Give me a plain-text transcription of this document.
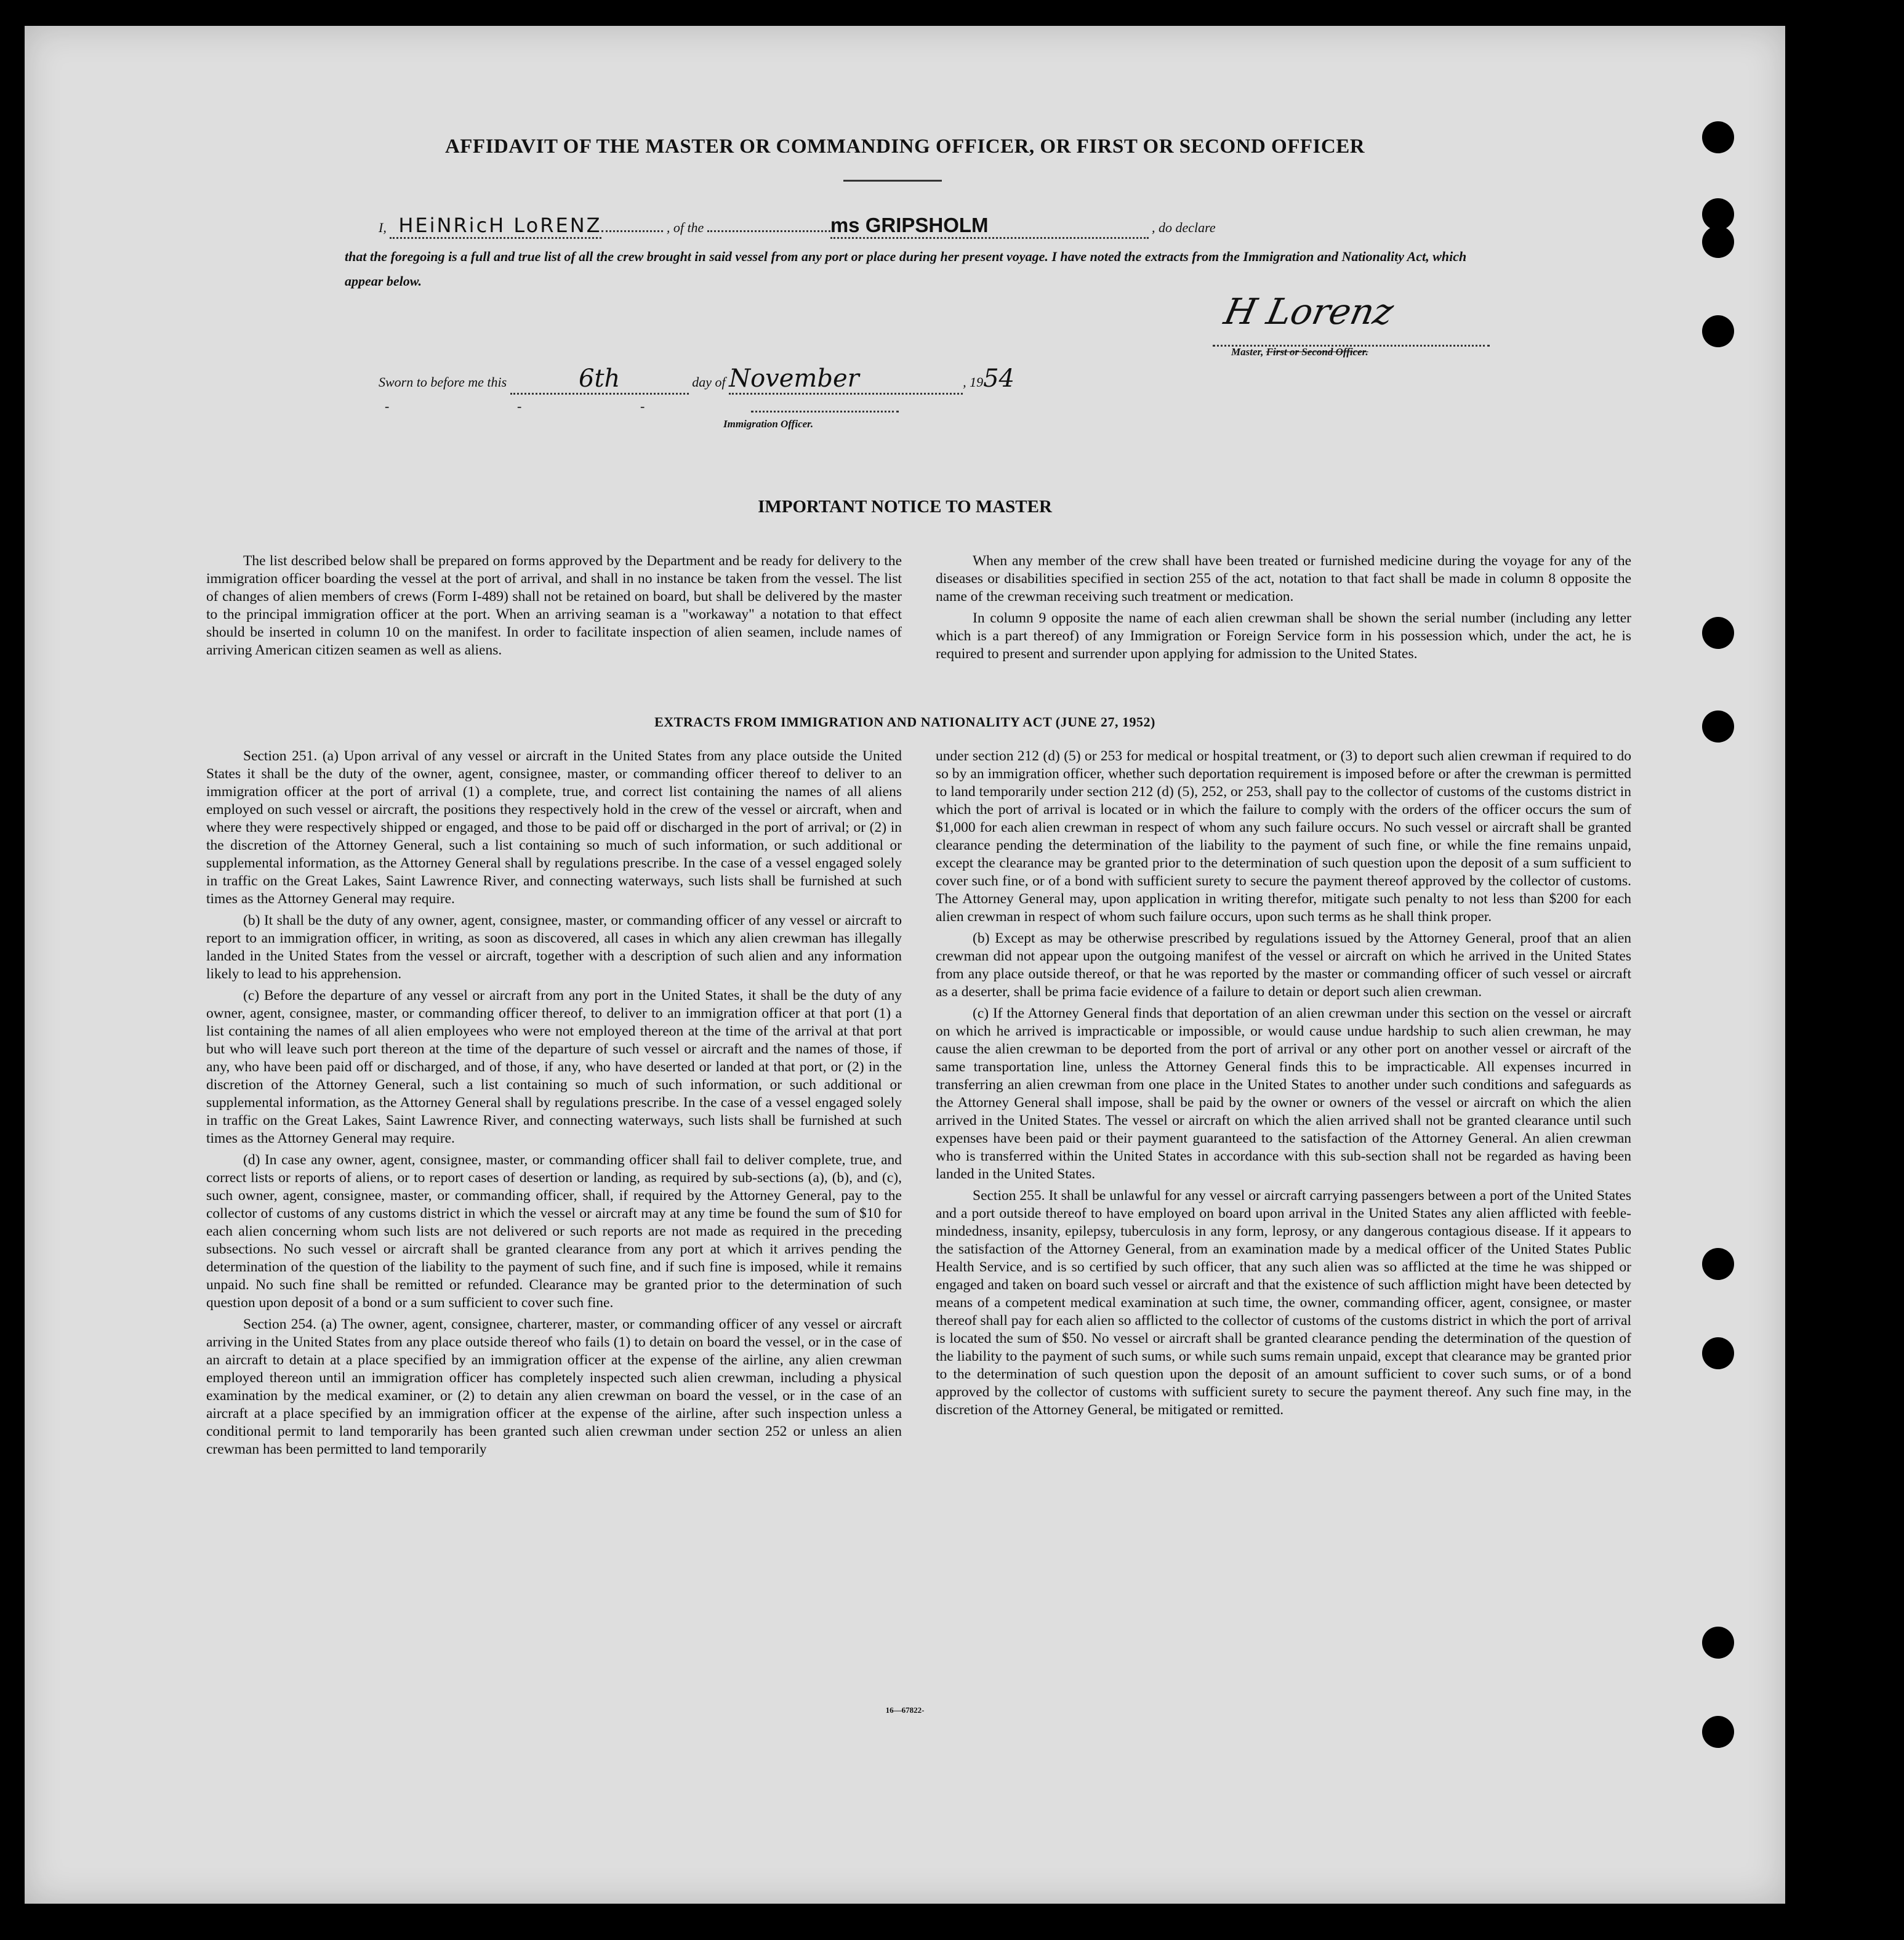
AFFIDAVIT OF THE MASTER OR COMMANDING OFFICER, OR FIRST OR SECOND OFFICER
I, HEiNRicH LoRENZ	, of the	ms GRIPSHOLM	, do declare
that the foregoing is a full and true list of all the crew brought in said vessel from any port or place during her present voyage. I have noted the extracts from the Immigration and Nationality Act, which appear below.
H Lorenz
Master, First or Second Officer.
Sworn to before me this	6th	day of November	, 1954
-	-	-
Immigration Officer.
IMPORTANT NOTICE TO MASTER

The list described below shall be prepared on forms approved by the Department and be ready for delivery to the immigration officer boarding the vessel at the port of arrival, and shall in no instance be taken from the vessel. The list of changes of alien members of crews (Form I-489) shall not be retained on board, but shall be delivered by the master to the principal immigration officer at the port. When an arriving seaman is a "workaway" a notation to that effect should be inserted in column 10 on the manifest. In order to facilitate inspection of alien seamen, include names of arriving American citizen seamen as well as aliens.

When any member of the crew shall have been treated or furnished medicine during the voyage for any of the diseases or disabilities specified in section 255 of the act, notation to that fact shall be made in column 8 opposite the name of the crewman receiving such treatment or medication.

In column 9 opposite the name of each alien crewman shall be shown the serial number (including any letter which is a part thereof) of any Immigration or Foreign Service form in his possession which, under the act, he is required to present and surrender upon applying for admission to the United States.

EXTRACTS FROM IMMIGRATION AND NATIONALITY ACT (JUNE 27, 1952)

Section 251. (a) Upon arrival of any vessel or aircraft in the United States from any place outside the United States it shall be the duty of the owner, agent, consignee, master, or commanding officer thereof to deliver to an immigration officer at the port of arrival (1) a complete, true, and correct list containing the names of all aliens employed on such vessel or aircraft, the positions they respectively hold in the crew of the vessel or aircraft, when and where they were respectively shipped or engaged, and those to be paid off or discharged in the port of arrival; or (2) in the discretion of the Attorney General, such a list containing so much of such information, or such additional or supplemental information, as the Attorney General shall by regulations prescribe. In the case of a vessel engaged solely in traffic on the Great Lakes, Saint Lawrence River, and connecting waterways, such lists shall be furnished at such times as the Attorney General may require.

(b) It shall be the duty of any owner, agent, consignee, master, or commanding officer of any vessel or aircraft to report to an immigration officer, in writing, as soon as discovered, all cases in which any alien crewman has illegally landed in the United States from the vessel or aircraft, together with a description of such alien and any information likely to lead to his apprehension.

(c) Before the departure of any vessel or aircraft from any port in the United States, it shall be the duty of any owner, agent, consignee, master, or commanding officer thereof, to deliver to an immigration officer at that port (1) a list containing the names of all alien employees who were not employed thereon at the time of the arrival at that port but who will leave such port thereon at the time of the departure of such vessel or aircraft and the names of those, if any, who have been paid off or discharged, and of those, if any, who have deserted or landed at that port, or (2) in the discretion of the Attorney General, such a list containing so much of such information, or such additional or supplemental information, as the Attorney General shall by regulations prescribe. In the case of a vessel engaged solely in traffic on the Great Lakes, Saint Lawrence River, and connecting waterways, such lists shall be furnished at such times as the Attorney General may require.

(d) In case any owner, agent, consignee, master, or commanding officer shall fail to deliver complete, true, and correct lists or reports of aliens, or to report cases of desertion or landing, as required by sub-sections (a), (b), and (c), such owner, agent, consignee, master, or commanding officer, shall, if required by the Attorney General, pay to the collector of customs of any customs district in which the vessel or aircraft may at any time be found the sum of $10 for each alien concerning whom such lists are not delivered or such reports are not made as required in the preceding subsections. No such vessel or aircraft shall be granted clearance from any port at which it arrives pending the determination of the question of the liability to the payment of such fine, and if such fine is imposed, while it remains unpaid. No such fine shall be remitted or refunded. Clearance may be granted prior to the determination of such question upon deposit of a bond or a sum sufficient to cover such fine.

Section 254. (a) The owner, agent, consignee, charterer, master, or commanding officer of any vessel or aircraft arriving in the United States from any place outside thereof who fails (1) to detain on board the vessel, or in the case of an aircraft to detain at a place specified by an immigration officer at the expense of the airline, any alien crewman employed thereon until an immigration officer has completely inspected such alien crewman, including a physical examination by the medical examiner, or (2) to detain any alien crewman on board the vessel, or in the case of an aircraft at a place specified by an immigration officer at the expense of the airline, after such inspection unless a conditional permit to land temporarily has been granted such alien crewman under section 252 or unless an alien crewman has been permitted to land temporarily

under section 212 (d) (5) or 253 for medical or hospital treatment, or (3) to deport such alien crewman if required to do so by an immigration officer, whether such deportation requirement is imposed before or after the crewman is permitted to land temporarily under section 212 (d) (5), 252, or 253, shall pay to the collector of customs of the customs district in which the port of arrival is located or in which the failure to comply with the orders of the officer occurs the sum of $1,000 for each alien crewman in respect of whom any such failure occurs. No such vessel or aircraft shall be granted clearance pending the determination of the liability to the payment of such fine, or while the fine remains unpaid, except the clearance may be granted prior to the determination of such question upon the deposit of a sum sufficient to cover such fine, or of a bond with sufficient surety to secure the payment thereof approved by the collector of customs. The Attorney General may, upon application in writing therefor, mitigate such penalty to not less than $200 for each alien crewman in respect of whom such failure occurs, upon such terms as he shall think proper.

(b) Except as may be otherwise prescribed by regulations issued by the Attorney General, proof that an alien crewman did not appear upon the outgoing manifest of the vessel or aircraft on which he arrived in the United States from any place outside thereof, or that he was reported by the master or commanding officer of such vessel or aircraft as a deserter, shall be prima facie evidence of a failure to detain or deport such alien crewman.

(c) If the Attorney General finds that deportation of an alien crewman under this section on the vessel or aircraft on which he arrived is impracticable or impossible, or would cause undue hardship to such alien crewman, he may cause the alien crewman to be deported from the port of arrival or any other port on another vessel or aircraft of the same transportation line, unless the Attorney General finds this to be impracticable. All expenses incurred in transferring an alien crewman from one place in the United States to another under such conditions and safeguards as the Attorney General shall impose, shall be paid by the owner or owners of the vessel or aircraft on which the alien arrived in the United States. The vessel or aircraft on which the alien arrived shall not be granted clearance until such expenses have been paid or their payment guaranteed to the satisfaction of the Attorney General. An alien crewman who is transferred within the United States in accordance with this sub-section shall not be regarded as having been landed in the United States.

Section 255. It shall be unlawful for any vessel or aircraft carrying passengers between a port of the United States and a port outside thereof to have employed on board upon arrival in the United States any alien afflicted with feeble-mindedness, insanity, epilepsy, tuberculosis in any form, leprosy, or any dangerous contagious disease. If it appears to the satisfaction of the Attorney General, from an examination made by a medical officer of the United States Public Health Service, and is so certified by such officer, that any such alien was so afflicted at the time he was shipped or engaged and taken on board such vessel or aircraft and that the existence of such affliction might have been detected by means of a competent medical examination at such time, the owner, commanding officer, agent, consignee, or master thereof shall pay for each alien so afflicted to the collector of customs of the customs district in which the port of arrival is located the sum of $50. No vessel or aircraft shall be granted clearance pending the determination of the question of the liability to the payment of such sums, or while such sums remain unpaid, except that clearance may be granted prior to the determination of such question upon the deposit of an amount sufficient to cover such sums, or of a bond approved by the collector of customs with sufficient surety to secure the payment thereof. Any such fine may, in the discretion of the Attorney General, be mitigated or remitted.

16—67822-
